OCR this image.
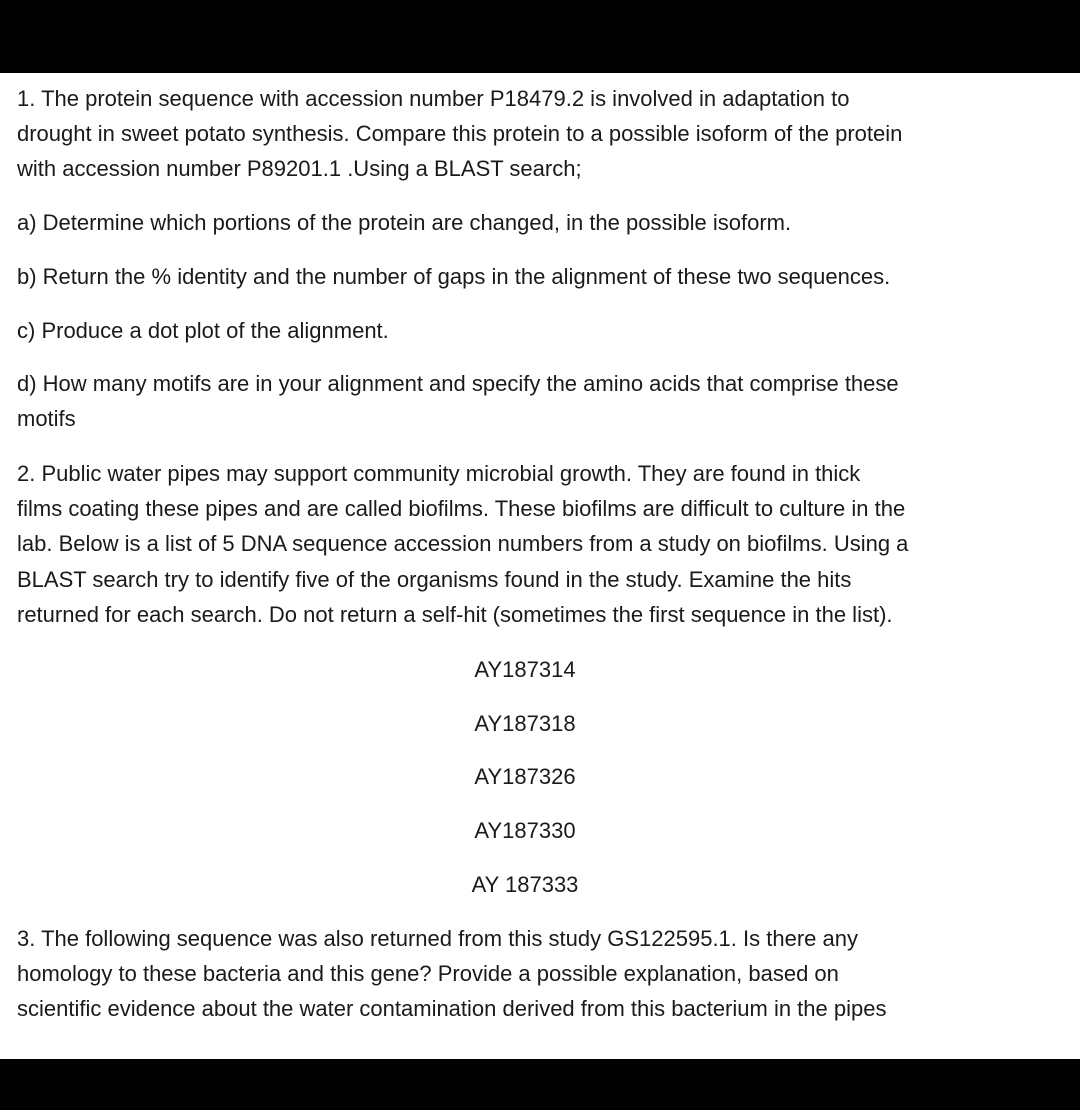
1. The protein sequence with accession number P18479.2 is involved in adaptation to
drought in sweet potato synthesis. Compare this protein to a possible isoform of the protein
with accession number P89201.1 .Using a BLAST search;
a) Determine which portions of the protein are changed, in the possible isoform.
b) Return the % identity and the number of gaps in the alignment of these two sequences.
c) Produce a dot plot of the alignment.
d) How many motifs are in your alignment and specify the amino acids that comprise these
motifs
2. Public water pipes may support community microbial growth. They are found in thick
films coating these pipes and are called biofilms. These biofilms are difficult to culture in the
lab. Below is a list of 5 DNA sequence accession numbers from a study on biofilms. Using a
BLAST search try to identify five of the organisms found in the study. Examine the hits
returned for each search. Do not return a self-hit (sometimes the first sequence in the list).
AY187314
AY187318
AY187326
AY187330
AY 187333
3. The following sequence was also returned from this study GS122595.1. Is there any
homology to these bacteria and this gene? Provide a possible explanation, based on
scientific evidence about the water contamination derived from this bacterium in the pipes
